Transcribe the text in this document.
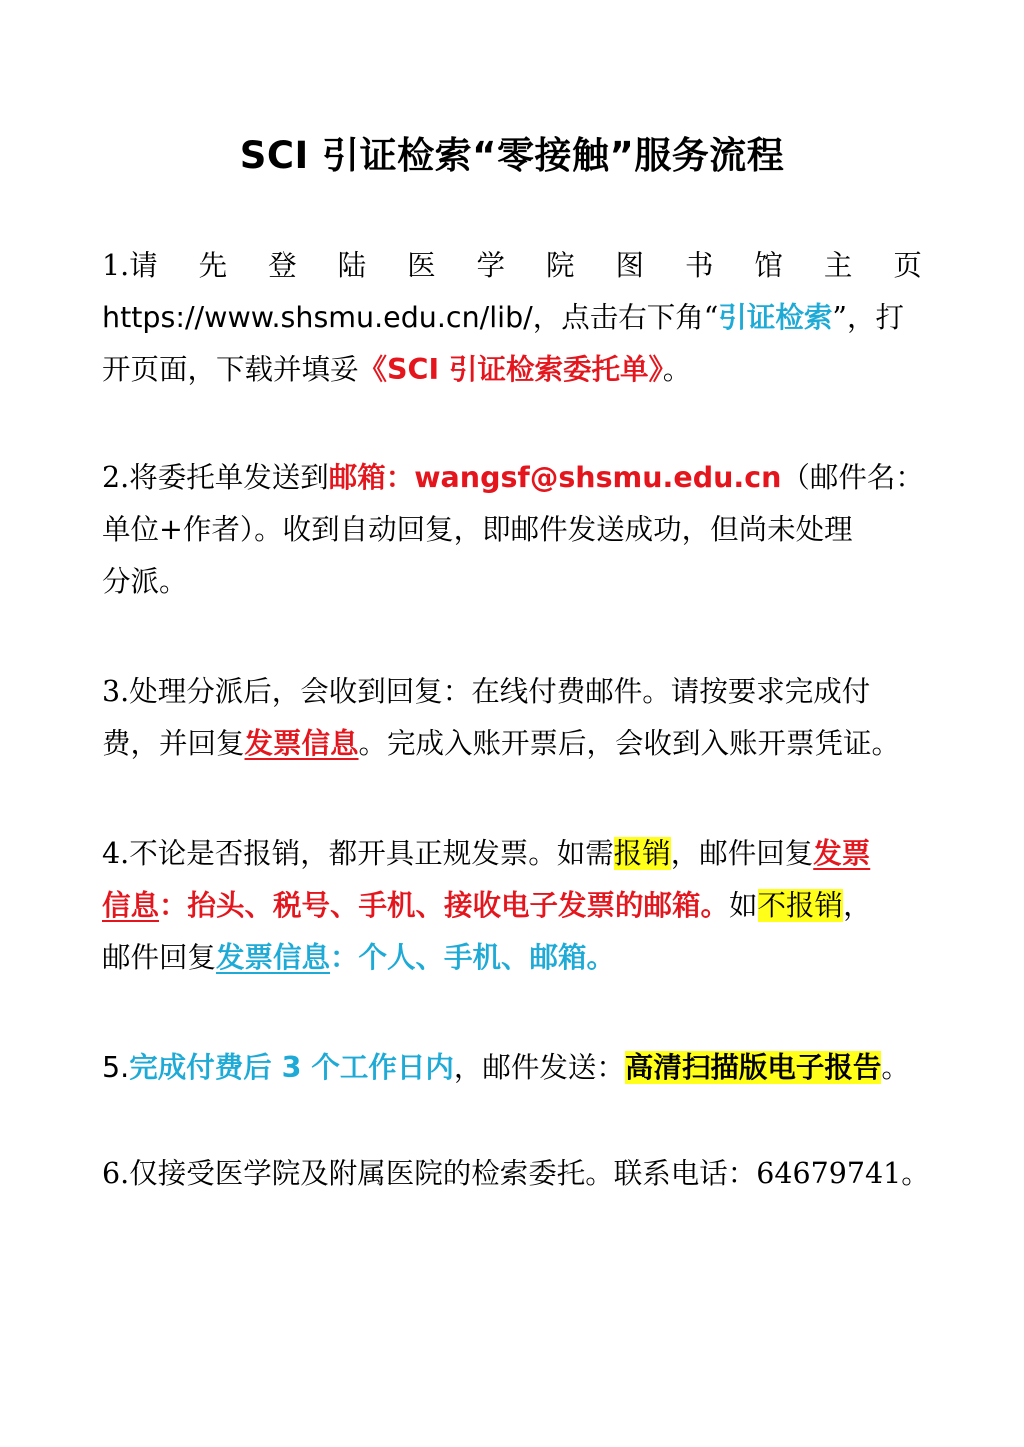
SCI 引证检索“零接触”服务流程
1.请 先 登 陆 医 学 院 图 书 馆 主 页
https://www.shsmu.edu.cn/lib/，点击右下角“引证检索”，打
开页面，下载并填妥《SCI 引证检索委托单》。
2.将委托单发送到邮箱：wangsf@shsmu.edu.cn（邮件名：
单位+作者）。收到自动回复，即邮件发送成功，但尚未处理
分派。
3.处理分派后，会收到回复：在线付费邮件。请按要求完成付
费，并回复发票信息。完成入账开票后，会收到入账开票凭证。
4.不论是否报销，都开具正规发票。如需报销，邮件回复发票
信息：抬头、税号、手机、接收电子发票的邮箱。如不报销，
邮件回复发票信息：个人、手机、邮箱。
5.完成付费后 3 个工作日内，邮件发送：高清扫描版电子报告。
6.仅接受医学院及附属医院的检索委托。联系电话：64679741。
